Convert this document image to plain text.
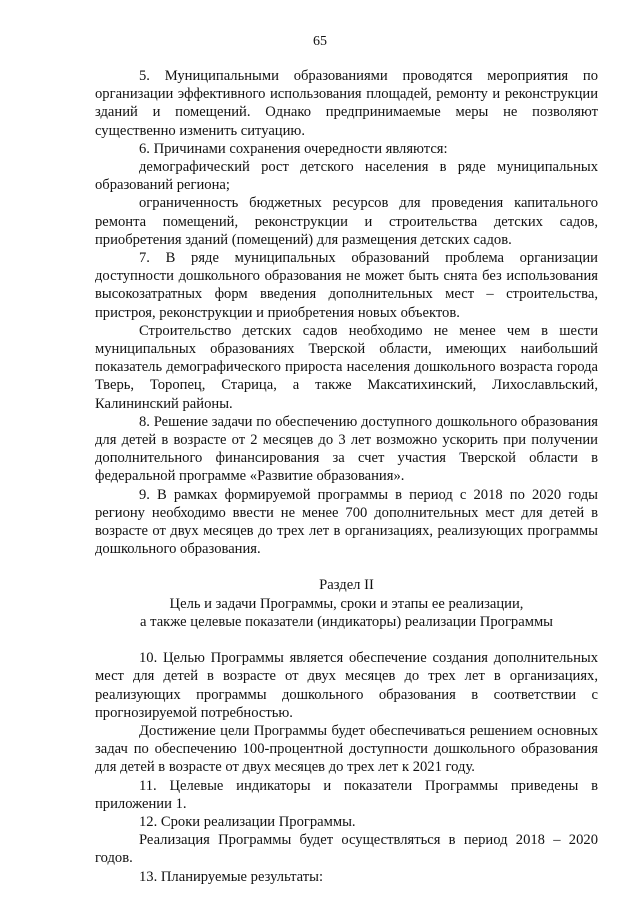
65

5. Муниципальными образованиями проводятся мероприятия по организации эффективного использования площадей, ремонту и реконструкции зданий и помещений. Однако предпринимаемые меры не позволяют существенно изменить ситуацию.

6. Причинами сохранения очередности являются:

демографический рост детского населения в ряде муниципальных образований региона;

ограниченность бюджетных ресурсов для проведения капитального ремонта помещений, реконструкции и строительства детских садов, приобретения зданий (помещений) для размещения детских садов.

7. В ряде муниципальных образований проблема организации доступности дошкольного образования не может быть снята без использования высокозатратных форм введения дополнительных мест – строительства, пристроя, реконструкции и приобретения новых объектов.

Строительство детских садов необходимо не менее чем в шести муниципальных образованиях Тверской области, имеющих наибольший показатель демографического прироста населения дошкольного возраста города Тверь, Торопец, Старица, а также Максатихинский, Лихославльский, Калининский районы.

8. Решение задачи по обеспечению доступного дошкольного образования для детей в возрасте от 2 месяцев до 3 лет возможно ускорить при получении дополнительного финансирования за счет участия Тверской области в федеральной программе «Развитие образования».

9. В рамках формируемой программы в период с 2018 по 2020 годы региону необходимо ввести не менее 700 дополнительных мест для детей в возрасте от двух месяцев до трех лет в организациях, реализующих программы дошкольного образования.

Раздел II

Цель и задачи Программы, сроки и этапы ее реализации,

а также целевые показатели (индикаторы) реализации Программы

10. Целью Программы является обеспечение создания дополнительных мест для детей в возрасте от двух месяцев до трех лет в организациях, реализующих программы дошкольного образования в соответствии с прогнозируемой потребностью.

Достижение цели Программы будет обеспечиваться решением основных задач по обеспечению 100-процентной доступности дошкольного образования для детей в возрасте от двух месяцев до трех лет к 2021 году.

11. Целевые индикаторы и показатели Программы приведены в приложении 1.

12. Сроки реализации Программы.

Реализация Программы будет осуществляться в период 2018 – 2020 годов.

13. Планируемые результаты:
